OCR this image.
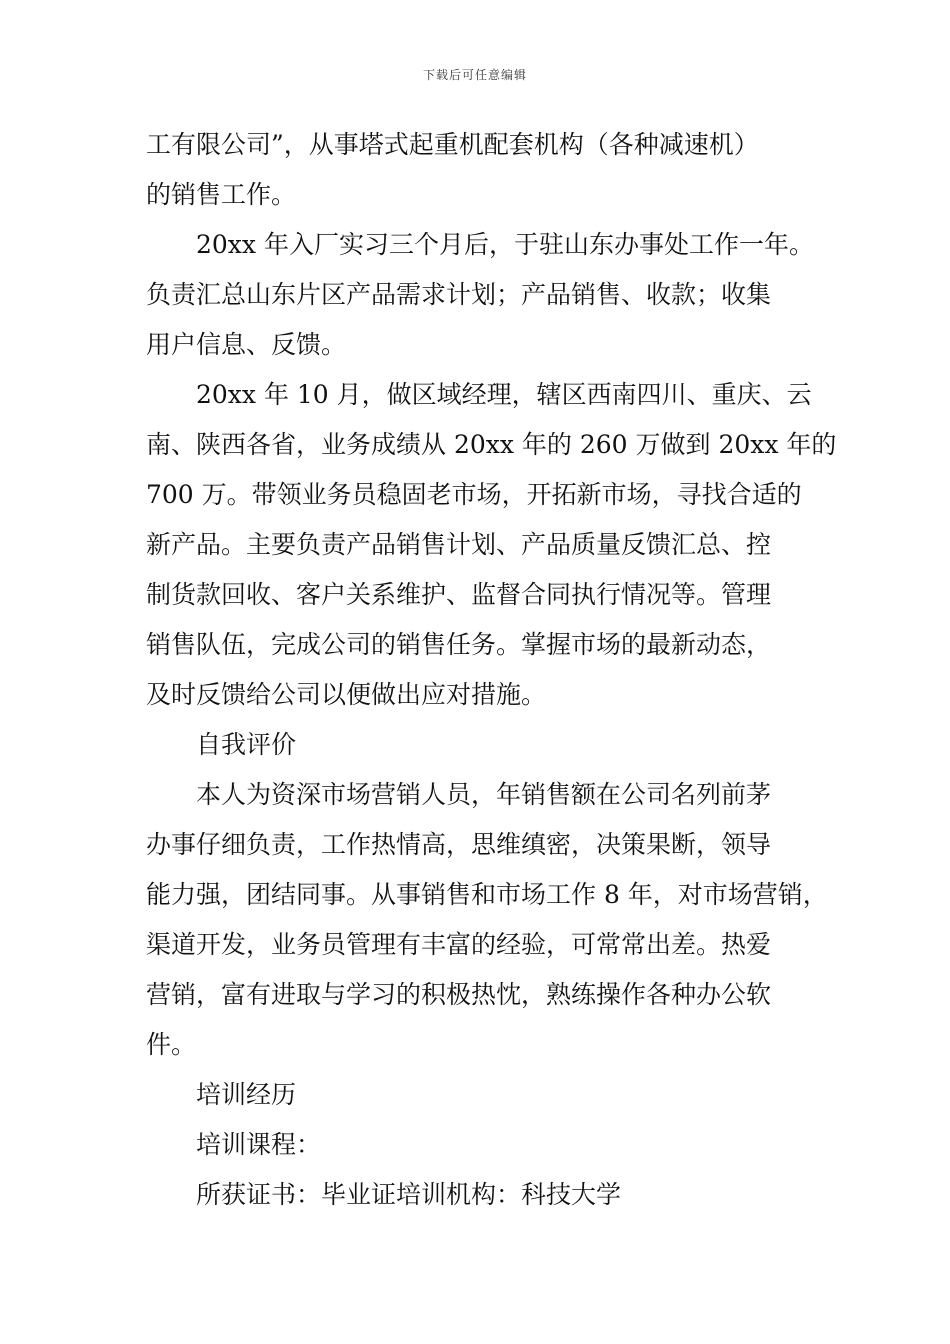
下载后可任意编辑
工有限公司”，从事塔式起重机配套机构（各种减速机）
的销售工作。
20xx 年入厂实习三个月后，于驻山东办事处工作一年。
负责汇总山东片区产品需求计划；产品销售、收款；收集
用户信息、反馈。
20xx 年 10 月，做区域经理，辖区西南四川、重庆、云
南、陕西各省，业务成绩从 20xx 年的 260 万做到 20xx 年的
700 万。带领业务员稳固老市场，开拓新市场，寻找合适的
新产品。主要负责产品销售计划、产品质量反馈汇总、控
制货款回收、客户关系维护、监督合同执行情况等。管理
销售队伍，完成公司的销售任务。掌握市场的最新动态，
及时反馈给公司以便做出应对措施。
自我评价
本人为资深市场营销人员，年销售额在公司名列前茅
办事仔细负责，工作热情高，思维缜密，决策果断，领导
能力强，团结同事。从事销售和市场工作 8 年，对市场营销，
渠道开发，业务员管理有丰富的经验，可常常出差。热爱
营销，富有进取与学习的积极热忱，熟练操作各种办公软
件。
培训经历
培训课程：
所获证书：毕业证培训机构：科技大学
